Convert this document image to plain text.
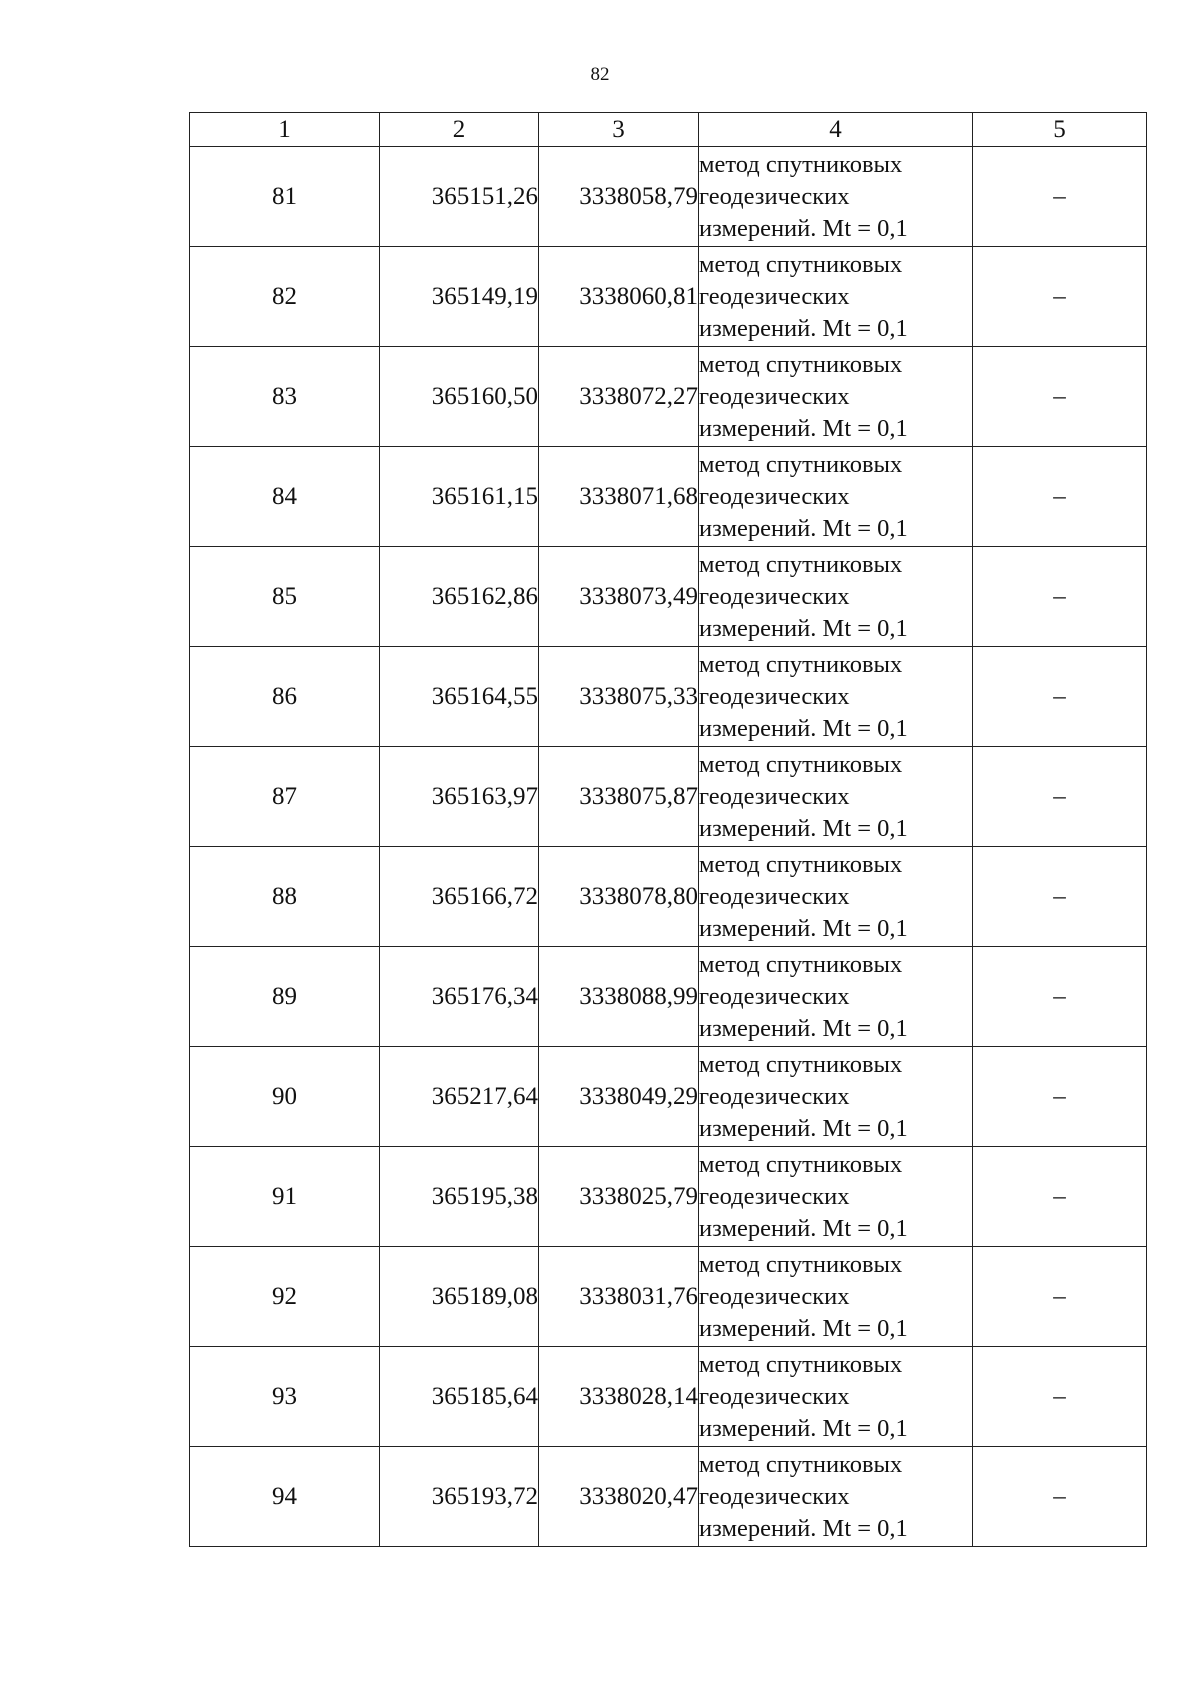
82
1	2	3	4	5
81	365151,26	3338058,79	метод спутниковых
геодезических
измерений. Mt = 0,1	–
82	365149,19	3338060,81	метод спутниковых
геодезических
измерений. Mt = 0,1	–
83	365160,50	3338072,27	метод спутниковых
геодезических
измерений. Mt = 0,1	–
84	365161,15	3338071,68	метод спутниковых
геодезических
измерений. Mt = 0,1	–
85	365162,86	3338073,49	метод спутниковых
геодезических
измерений. Mt = 0,1	–
86	365164,55	3338075,33	метод спутниковых
геодезических
измерений. Mt = 0,1	–
87	365163,97	3338075,87	метод спутниковых
геодезических
измерений. Mt = 0,1	–
88	365166,72	3338078,80	метод спутниковых
геодезических
измерений. Mt = 0,1	–
89	365176,34	3338088,99	метод спутниковых
геодезических
измерений. Mt = 0,1	–
90	365217,64	3338049,29	метод спутниковых
геодезических
измерений. Mt = 0,1	–
91	365195,38	3338025,79	метод спутниковых
геодезических
измерений. Mt = 0,1	–
92	365189,08	3338031,76	метод спутниковых
геодезических
измерений. Mt = 0,1	–
93	365185,64	3338028,14	метод спутниковых
геодезических
измерений. Mt = 0,1	–
94	365193,72	3338020,47	метод спутниковых
геодезических
измерений. Mt = 0,1	–
